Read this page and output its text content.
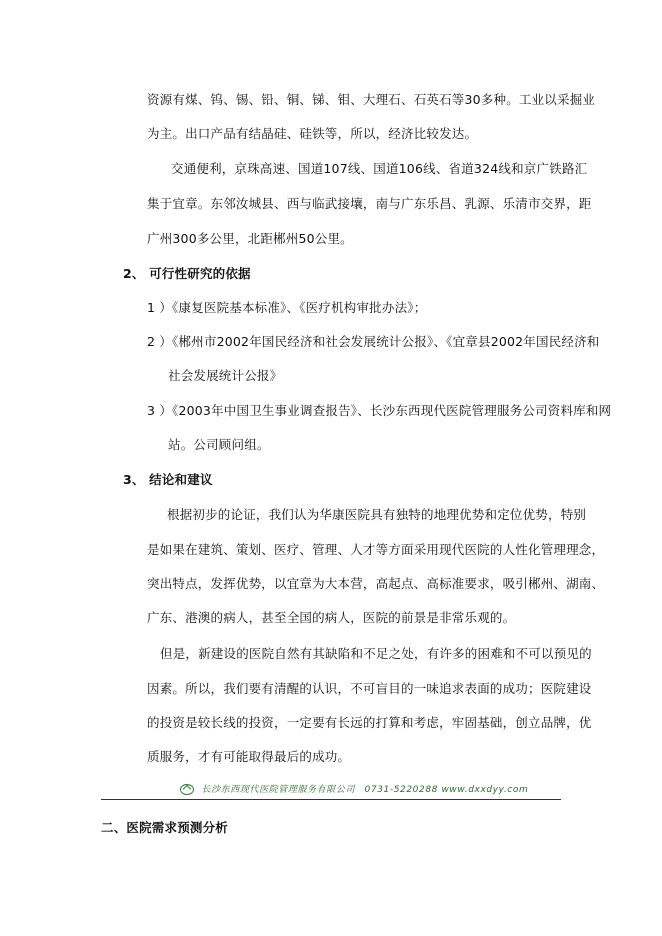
资源有煤、钨、锡、铅、铜、锑、钼、大理石、石英石等30多种。工业以采掘业
为主。出口产品有结晶硅、硅铁等，所以，经济比较发达。
交通便利，京珠高速、国道107线、国道106线、省道324线和京广铁路汇
集于宜章。东邻汝城县、西与临武接壤，南与广东乐昌、乳源、乐清市交界，距
广州300多公里，北距郴州50公里。
2、 可行性研究的依据
1 ）《康复医院基本标准》、《医疗机构审批办法》；
2 ）《郴州市2002年国民经济和社会发展统计公报》、《宜章县2002年国民经济和
社会发展统计公报》
3 ）《2003年中国卫生事业调查报告》、长沙东西现代医院管理服务公司资料库和网
站。公司顾问组。
3、 结论和建议
根据初步的论证，我们认为华康医院具有独特的地理优势和定位优势，特别
是如果在建筑、策划、医疗、管理、人才等方面采用现代医院的人性化管理理念，
突出特点，发挥优势，以宜章为大本营，高起点、高标准要求，吸引郴州、湖南、
广东、港澳的病人，甚至全国的病人，医院的前景是非常乐观的。
但是，新建设的医院自然有其缺陷和不足之处，有许多的困难和不可以预见的
因素。所以，我们要有清醒的认识，不可盲目的一味追求表面的成功；医院建设
的投资是较长线的投资，一定要有长远的打算和考虑，牢固基础，创立品牌，优
质服务，才有可能取得最后的成功。
长沙东西现代医院管理服务有限公司 0731-5220288 www.dxxdyy.com
二、医院需求预测分析
